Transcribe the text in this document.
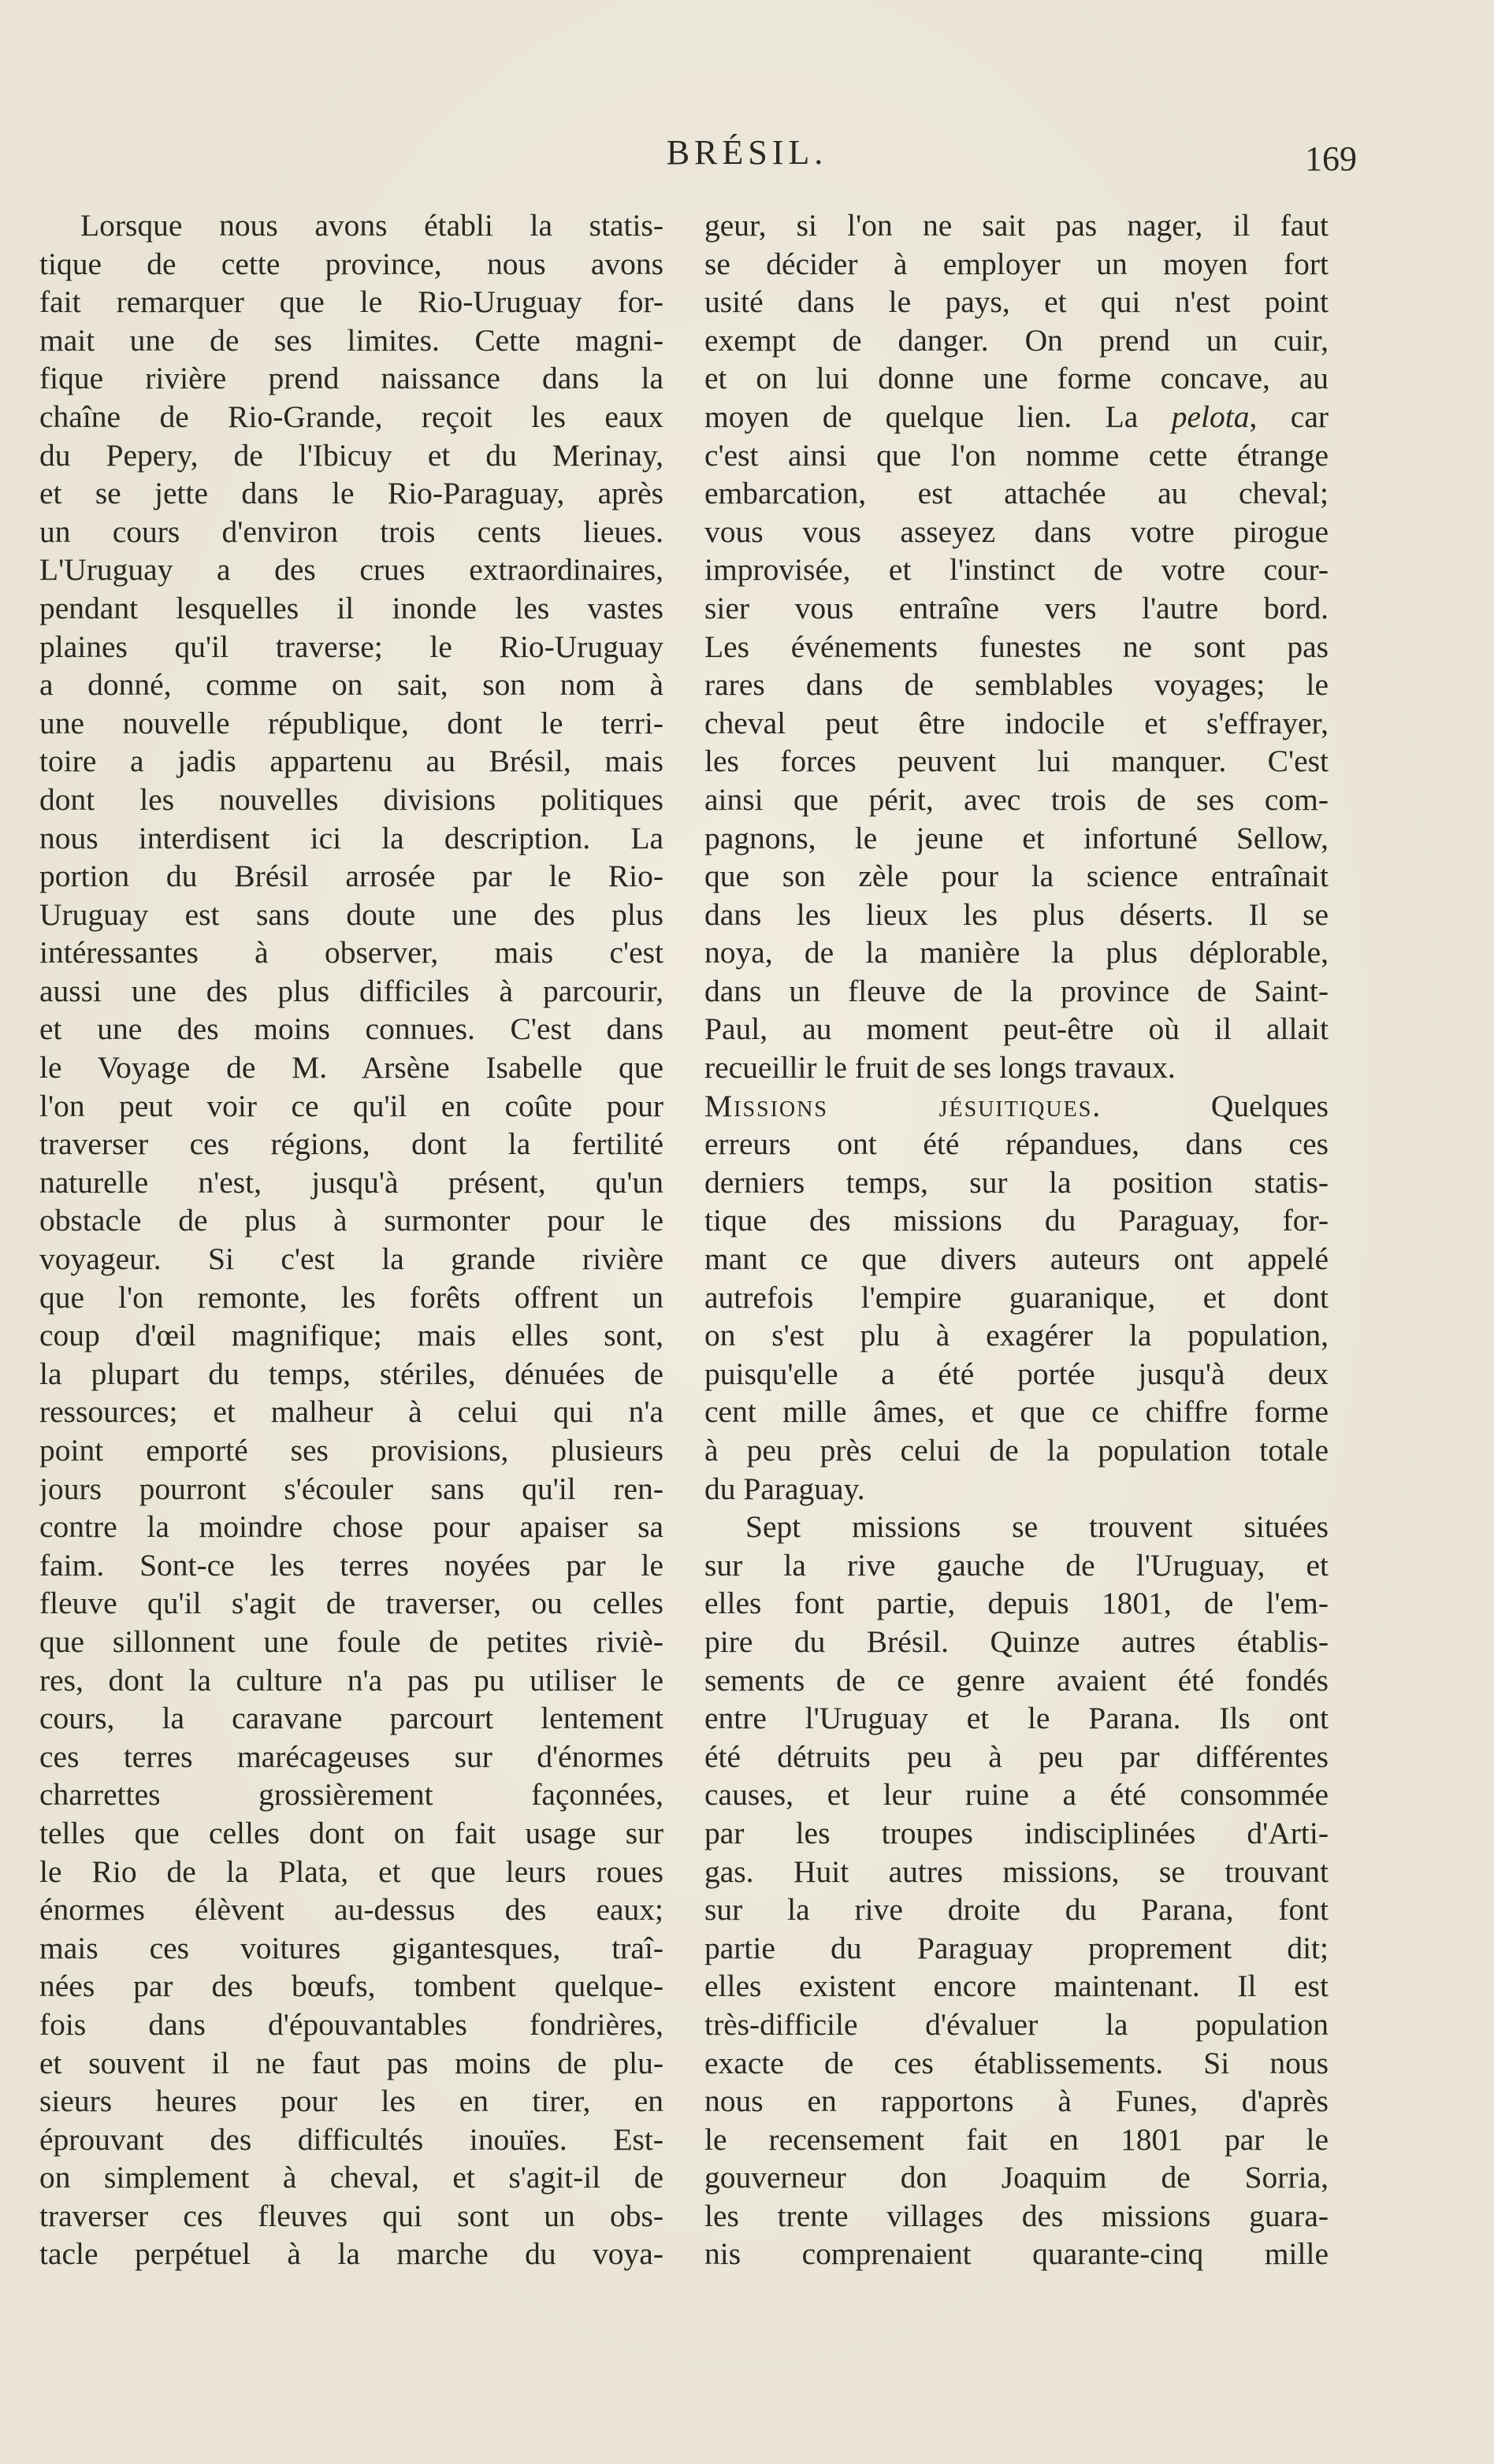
BRÉSIL.	169
Lorsque nous avons établi la statis-
tique de cette province, nous avons
fait remarquer que le Rio-Uruguay for-
mait une de ses limites. Cette magni-
fique rivière prend naissance dans la
chaîne de Rio-Grande, reçoit les eaux
du Pepery, de l'Ibicuy et du Merinay,
et se jette dans le Rio-Paraguay, après
un cours d'environ trois cents lieues.
L'Uruguay a des crues extraordinaires,
pendant lesquelles il inonde les vastes
plaines qu'il traverse; le Rio-Uruguay
a donné, comme on sait, son nom à
une nouvelle république, dont le terri-
toire a jadis appartenu au Brésil, mais
dont les nouvelles divisions politiques
nous interdisent ici la description. La
portion du Brésil arrosée par le Rio-
Uruguay est sans doute une des plus
intéressantes à observer, mais c'est
aussi une des plus difficiles à parcourir,
et une des moins connues. C'est dans
le Voyage de M. Arsène Isabelle que
l'on peut voir ce qu'il en coûte pour
traverser ces régions, dont la fertilité
naturelle n'est, jusqu'à présent, qu'un
obstacle de plus à surmonter pour le
voyageur. Si c'est la grande rivière
que l'on remonte, les forêts offrent un
coup d'œil magnifique; mais elles sont,
la plupart du temps, stériles, dénuées de
ressources; et malheur à celui qui n'a
point emporté ses provisions, plusieurs
jours pourront s'écouler sans qu'il ren-
contre la moindre chose pour apaiser sa
faim. Sont-ce les terres noyées par le
fleuve qu'il s'agit de traverser, ou celles
que sillonnent une foule de petites riviè-
res, dont la culture n'a pas pu utiliser le
cours, la caravane parcourt lentement
ces terres marécageuses sur d'énormes
charrettes grossièrement façonnées,
telles que celles dont on fait usage sur
le Rio de la Plata, et que leurs roues
énormes élèvent au-dessus des eaux;
mais ces voitures gigantesques, traî-
nées par des bœufs, tombent quelque-
fois dans d'épouvantables fondrières,
et souvent il ne faut pas moins de plu-
sieurs heures pour les en tirer, en
éprouvant des difficultés inouïes. Est-
on simplement à cheval, et s'agit-il de
traverser ces fleuves qui sont un obs-
tacle perpétuel à la marche du voya-
geur, si l'on ne sait pas nager, il faut
se décider à employer un moyen fort
usité dans le pays, et qui n'est point
exempt de danger. On prend un cuir,
et on lui donne une forme concave, au
moyen de quelque lien. La pelota, car
c'est ainsi que l'on nomme cette étrange
embarcation, est attachée au cheval;
vous vous asseyez dans votre pirogue
improvisée, et l'instinct de votre cour-
sier vous entraîne vers l'autre bord.
Les événements funestes ne sont pas
rares dans de semblables voyages; le
cheval peut être indocile et s'effrayer,
les forces peuvent lui manquer. C'est
ainsi que périt, avec trois de ses com-
pagnons, le jeune et infortuné Sellow,
que son zèle pour la science entraînait
dans les lieux les plus déserts. Il se
noya, de la manière la plus déplorable,
dans un fleuve de la province de Saint-
Paul, au moment peut-être où il allait
recueillir le fruit de ses longs travaux.
Missions jésuitiques. Quelques
erreurs ont été répandues, dans ces
derniers temps, sur la position statis-
tique des missions du Paraguay, for-
mant ce que divers auteurs ont appelé
autrefois l'empire guaranique, et dont
on s'est plu à exagérer la population,
puisqu'elle a été portée jusqu'à deux
cent mille âmes, et que ce chiffre forme
à peu près celui de la population totale
du Paraguay.
Sept missions se trouvent situées
sur la rive gauche de l'Uruguay, et
elles font partie, depuis 1801, de l'em-
pire du Brésil. Quinze autres établis-
sements de ce genre avaient été fondés
entre l'Uruguay et le Parana. Ils ont
été détruits peu à peu par différentes
causes, et leur ruine a été consommée
par les troupes indisciplinées d'Arti-
gas. Huit autres missions, se trouvant
sur la rive droite du Parana, font
partie du Paraguay proprement dit;
elles existent encore maintenant. Il est
très-difficile d'évaluer la population
exacte de ces établissements. Si nous
nous en rapportons à Funes, d'après
le recensement fait en 1801 par le
gouverneur don Joaquim de Sorria,
les trente villages des missions guara-
nis comprenaient quarante-cinq mille
